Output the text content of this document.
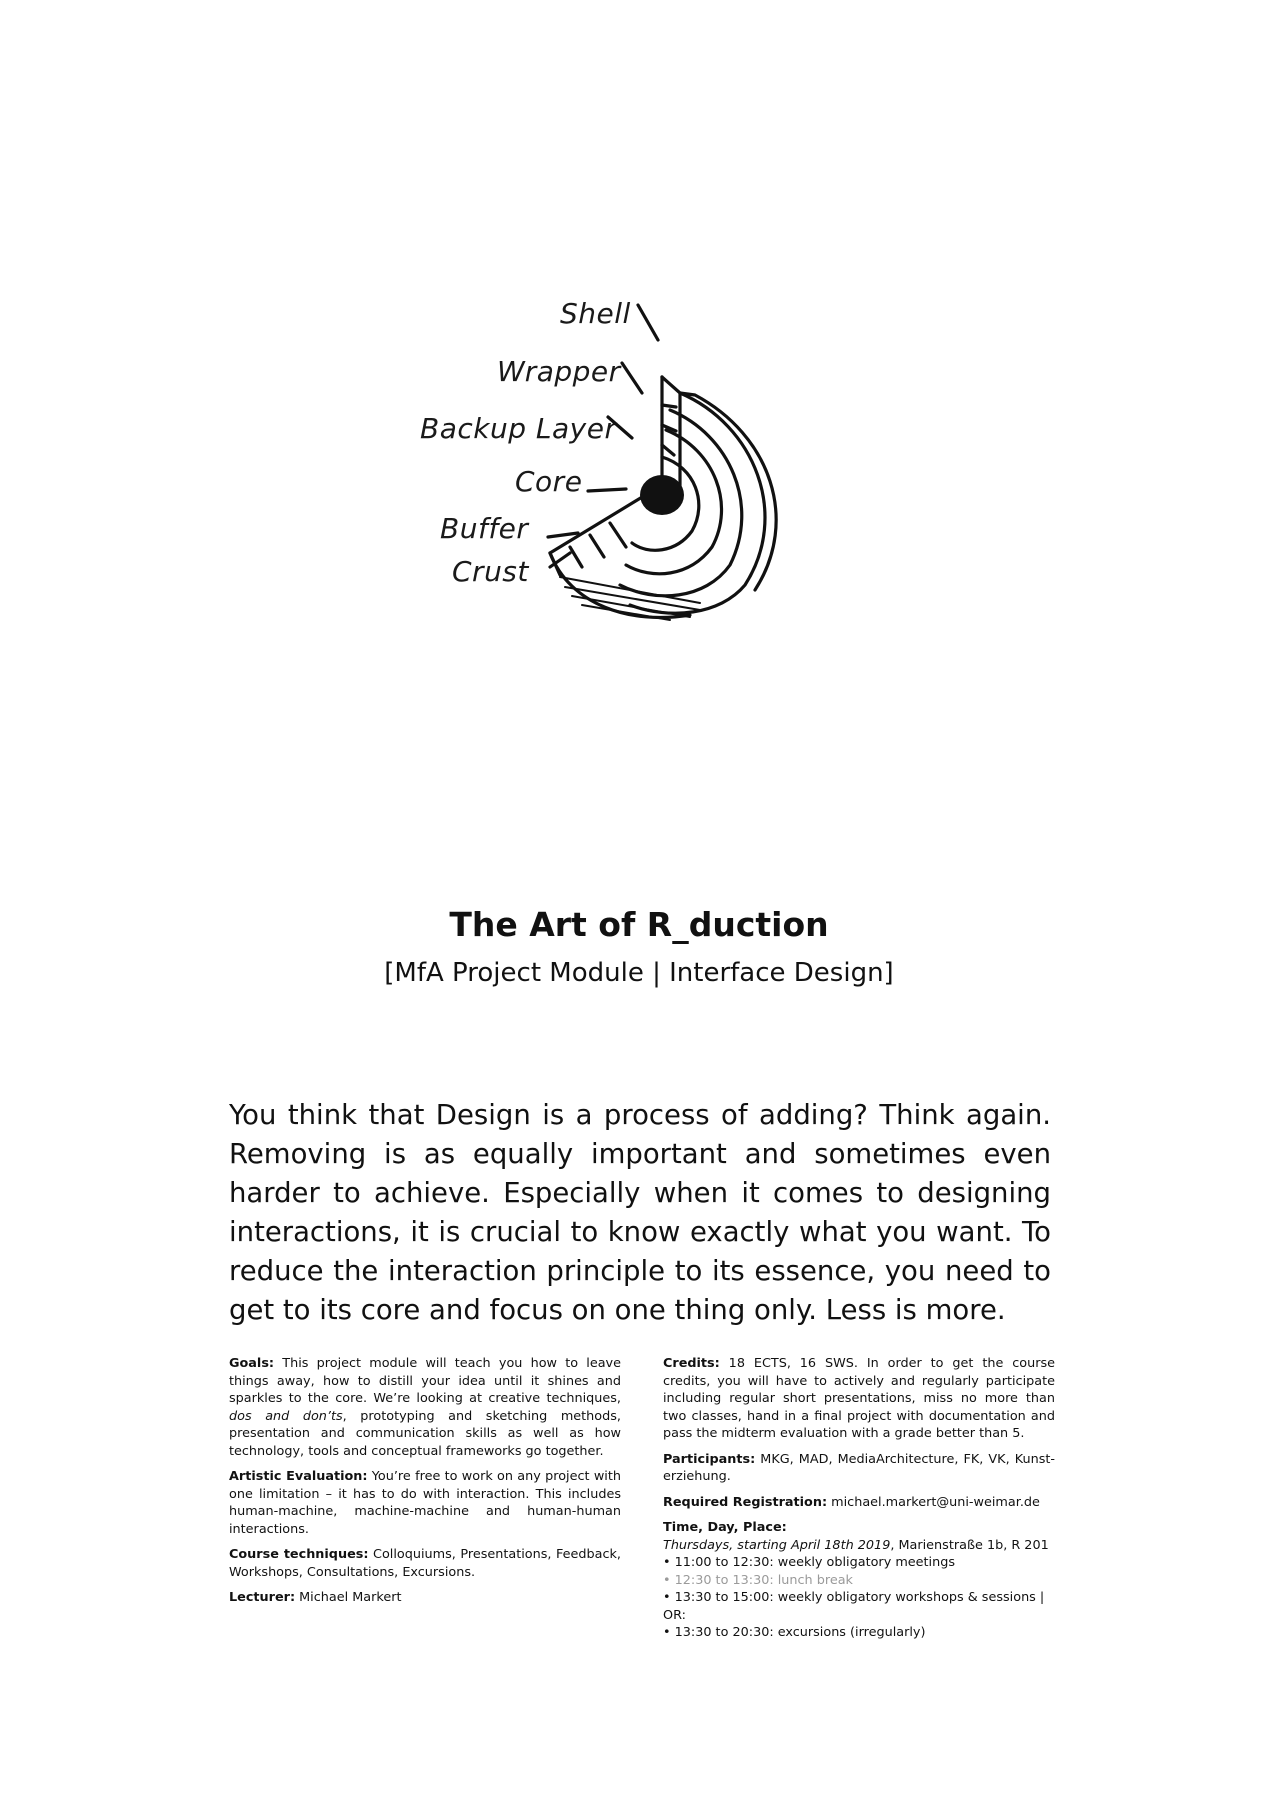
Shell
Wrapper
Backup Layer
Core
Buffer
Crust
The Art of R_duction
[MfA Project Module | Interface Design]

You think that Design is a process of adding? Think again. Removing is as equally important and sometimes even harder to achieve. Especially when it comes to designing interactions, it is crucial to know exactly what you want. To reduce the interaction principle to its essence, you need to get to its core and focus on one thing only. Less is more.

Goals: This project module will teach you how to leave things away, how to distill your idea until it shines and sparkles to the core. We’re looking at creative techniques, dos and don’ts, prototyping and sketching methods, presentation and communication skills as well as how technology, tools and conceptual frameworks go together.

Artistic Evaluation: You’re free to work on any project with one limitation – it has to do with interaction. This includes human-machine, machine-machine and human-human interactions.

Course techniques: Colloquiums, Presentations, Feedback, Workshops, Consultations, Excursions.

Lecturer: Michael Markert

Credits: 18 ECTS, 16 SWS. In order to get the course credits, you will have to actively and regularly participate including regular short presentations, miss no more than two classes, hand in a final project with documentation and pass the midterm evaluation with a grade better than 5.

Participants: MKG, MAD, MediaArchitecture, FK, VK, Kunst-erziehung.

Required Registration: michael.markert@uni-weimar.de

Time, Day, Place:
Thursdays, starting April 18th 2019, Marienstraße 1b, R 201
• 11:00 to 12:30: weekly obligatory meetings
• 12:30 to 13:30: lunch break
• 13:30 to 15:00: weekly obligatory workshops & sessions | OR:
• 13:30 to 20:30: excursions (irregularly)
